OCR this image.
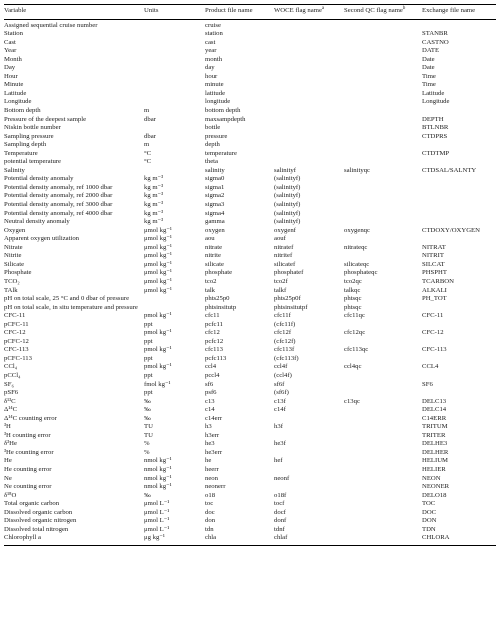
Variable	Units	Product file name	WOCE flag name$^a$	Second QC flag name$^b$	Exchange file name
Assigned sequential cruise number		cruise			
Station		station			STANBR
Cast		cast			CASTNO
Year		year			DATE
Month		month			Date
Day		day			Date
Hour		hour			Time
Minute		minute			Time
Latitude		latitude			Latitude
Longitude		longitude			Longitude
Bottom depth	m	bottom depth			
Pressure of the deepest sample	dbar	maxsampdepth			DEPTH
Niskin bottle number		bottle			BTLNBR
Sampling pressure	dbar	pressure			CTDPRS
Sampling depth	m	depth			
Temperature	°C	temperature			CTDTMP
potential temperature	°C	theta			
Salinity		salinity	salinityf	salinityqc	CTDSAL/SALNTY
Potential density anomaly	kg m⁻³	sigma0	(salinityf)		
Potential density anomaly, ref 1000 dbar	kg m⁻³	sigma1	(salinityf)		
Potential density anomaly, ref 2000 dbar	kg m⁻³	sigma2	(salinityf)		
Potential density anomaly, ref 3000 dbar	kg m⁻³	sigma3	(salinityf)		
Potential density anomaly, ref 4000 dbar	kg m⁻³	sigma4	(salinityf)		
Neutral density anomaly	kg m⁻³	gamma	(salinityf)		
Oxygen	μmol kg⁻¹	oxygen	oxygenf	oxygenqc	CTDOXY/OXYGEN
Apparent oxygen utilization	μmol kg⁻¹	aou	aouf		
Nitrate	μmol kg⁻¹	nitrate	nitratef	nitrateqc	NITRAT
Nitrite	μmol kg⁻¹	nitrite	nitritef		NITRIT
Silicate	μmol kg⁻¹	silicate	silicatef	silicateqc	SILCAT
Phosphate	μmol kg⁻¹	phosphate	phosphatef	phosphateqc	PHSPHT
TCO₂	μmol kg⁻¹	tco2	tco2f	tco2qc	TCARBON
TAlk	μmol kg⁻¹	talk	talkf	talkqc	ALKALI
pH on total scale, 25 °C and 0 dbar of pressure		phts25p0	phts25p0f	phtsqc	PH_TOT
pH on total scale, in situ temperature and pressure		phtsinsitutp	phtsinsitutpf	phtsqc	
CFC-11	pmol kg⁻¹	cfc11	cfc11f	cfc11qc	CFC-11
pCFC-11	ppt	pcfc11	(cfc11f)		
CFC-12	pmol kg⁻¹	cfc12	cfc12f	cfc12qc	CFC-12
pCFC-12	ppt	pcfc12	(cfc12f)		
CFC-113	pmol kg⁻¹	cfc113	cfc113f	cfc113qc	CFC-113
pCFC-113	ppt	pcfc113	(cfc113f)		
CCl₄	pmol kg⁻¹	ccl4	ccl4f	ccl4qc	CCL4
pCCl₄	ppt	pccl4	(ccl4f)		
SF₆	fmol kg⁻¹	sf6	sf6f		SF6
pSF6	ppt	psf6	(sf6f)		
δ¹³C	‰	c13	c13f	c13qc	DELC13
Δ¹⁴C	‰	c14	c14f		DELC14
Δ¹⁴C counting error	‰	c14err			C14ERR
³H	TU	h3	h3f		TRITUM
³H counting error	TU	h3err			TRITER
δ³He	%	he3	he3f		DELHE3
³He counting error	%	he3err			DELHER
He	nmol kg⁻¹	he	hef		HELIUM
He counting error	nmol kg⁻¹	heerr			HELIER
Ne	nmol kg⁻¹	neon	neonf		NEON
Ne counting error	nmol kg⁻¹	neonerr			NEONER
δ¹⁸O	‰	o18	o18f		DELO18
Total organic carbon	μmol L⁻¹	toc	tocf		TOC
Dissolved organic carbon	μmol L⁻¹	doc	docf		DOC
Dissolved organic nitrogen	μmol L⁻¹	don	donf		DON
Dissolved total nitrogen	μmol L⁻¹	tdn	tdnf		TDN
Chlorophyll a	μg kg⁻¹	chla	chlaf		CHLORA
